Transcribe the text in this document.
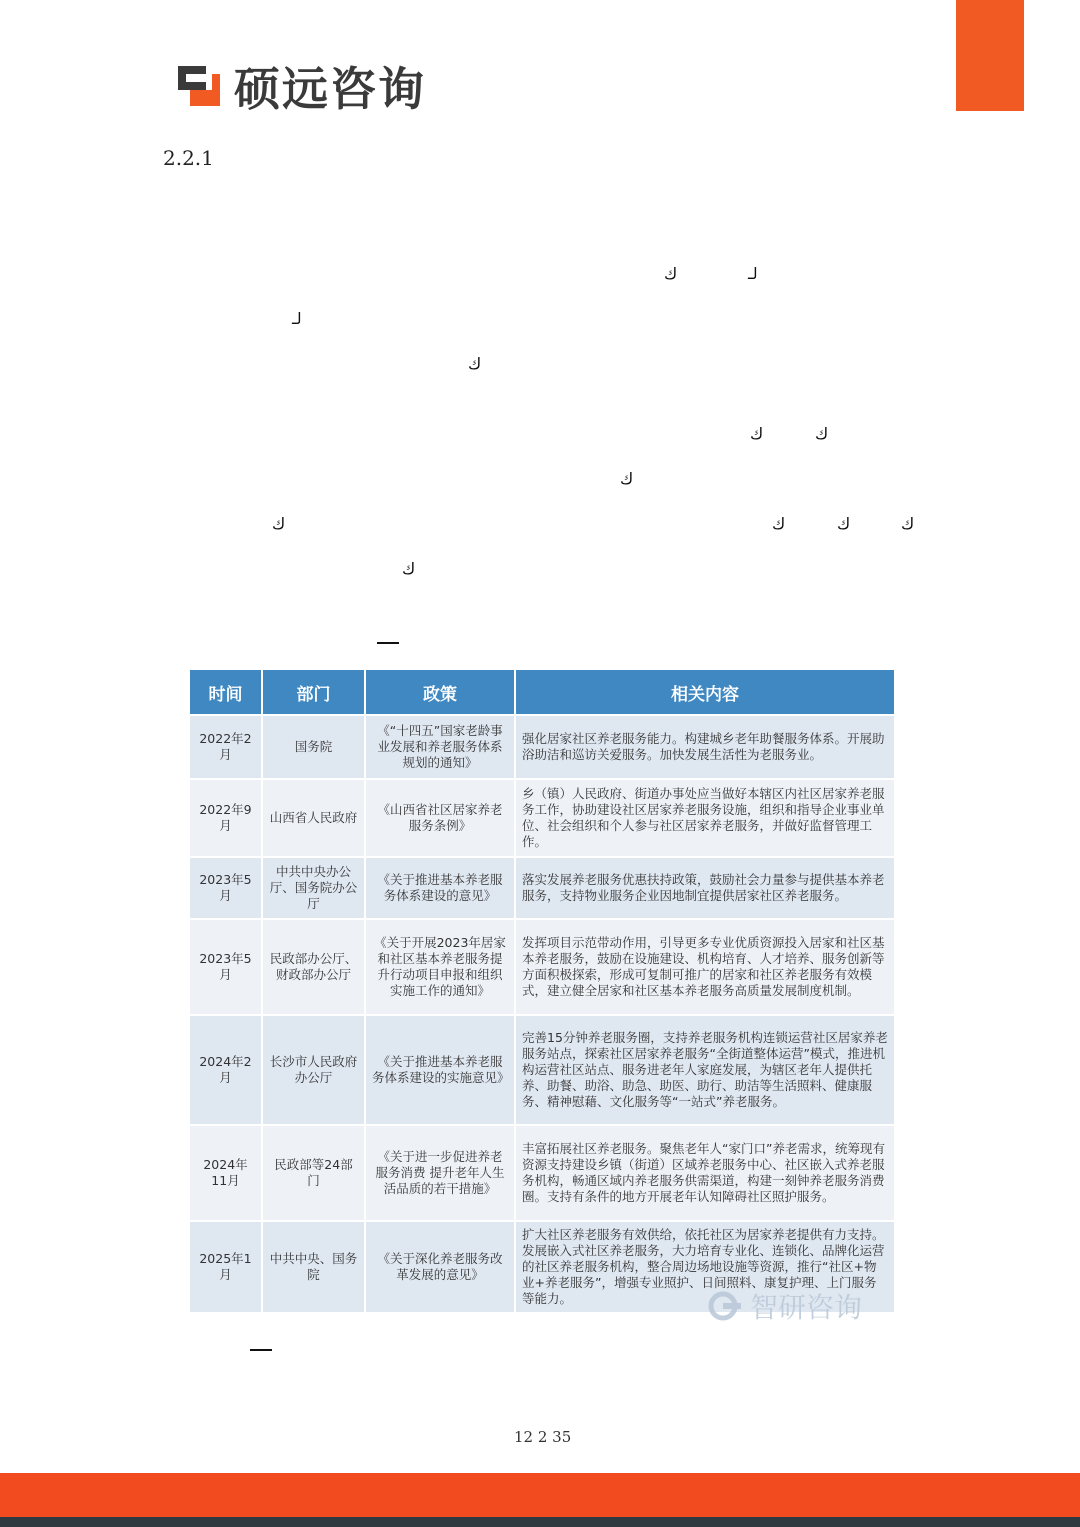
硕远咨询
2.2.1
ك	لـ
لـ
ك
ك	ك
ك
ك	ك	ك	ك
ك
时间	部门	政策	相关内容
2022年2月	国务院	《“十四五”国家老龄事业发展和养老服务体系规划的通知》	强化居家社区养老服务能力。构建城乡老年助餐服务体系。开展助浴助洁和巡访关爱服务。加快发展生活性为老服务业。
2022年9月	山西省人民政府	《山西省社区居家养老服务条例》	乡（镇）人民政府、街道办事处应当做好本辖区内社区居家养老服务工作，协助建设社区居家养老服务设施，组织和指导企业事业单位、社会组织和个人参与社区居家养老服务，并做好监督管理工作。
2023年5月	中共中央办公厅、国务院办公厅	《关于推进基本养老服务体系建设的意见》	落实发展养老服务优惠扶持政策，鼓励社会力量参与提供基本养老服务，支持物业服务企业因地制宜提供居家社区养老服务。
2023年5月	民政部办公厅、财政部办公厅	《关于开展2023年居家和社区基本养老服务提升行动项目申报和组织实施工作的通知》	发挥项目示范带动作用，引导更多专业优质资源投入居家和社区基本养老服务，鼓励在设施建设、机构培育、人才培养、服务创新等方面积极探索，形成可复制可推广的居家和社区养老服务有效模式，建立健全居家和社区基本养老服务高质量发展制度机制。
2024年2月	长沙市人民政府办公厅	《关于推进基本养老服务体系建设的实施意见》	完善15分钟养老服务圈，支持养老服务机构连锁运营社区居家养老服务站点，探索社区居家养老服务“全街道整体运营”模式，推进机构运营社区站点、服务进老年人家庭发展，为辖区老年人提供托养、助餐、助浴、助急、助医、助行、助洁等生活照料、健康服务、精神慰藉、文化服务等“一站式”养老服务。
2024年11月	民政部等24部门	《关于进一步促进养老服务消费 提升老年人生活品质的若干措施》	丰富拓展社区养老服务。聚焦老年人“家门口”养老需求，统筹现有资源支持建设乡镇（街道）区域养老服务中心、社区嵌入式养老服务机构，畅通区域内养老服务供需渠道，构建一刻钟养老服务消费圈。支持有条件的地方开展老年认知障碍社区照护服务。
2025年1月	中共中央、国务院	《关于深化养老服务改革发展的意见》	扩大社区养老服务有效供给，依托社区为居家养老提供有力支持。发展嵌入式社区养老服务，大力培育专业化、连锁化、品牌化运营的社区养老服务机构，整合周边场地设施等资源，推行“社区+物业+养老服务”，增强专业照护、日间照料、康复护理、上门服务等能力。	智研咨询
12 2 35
